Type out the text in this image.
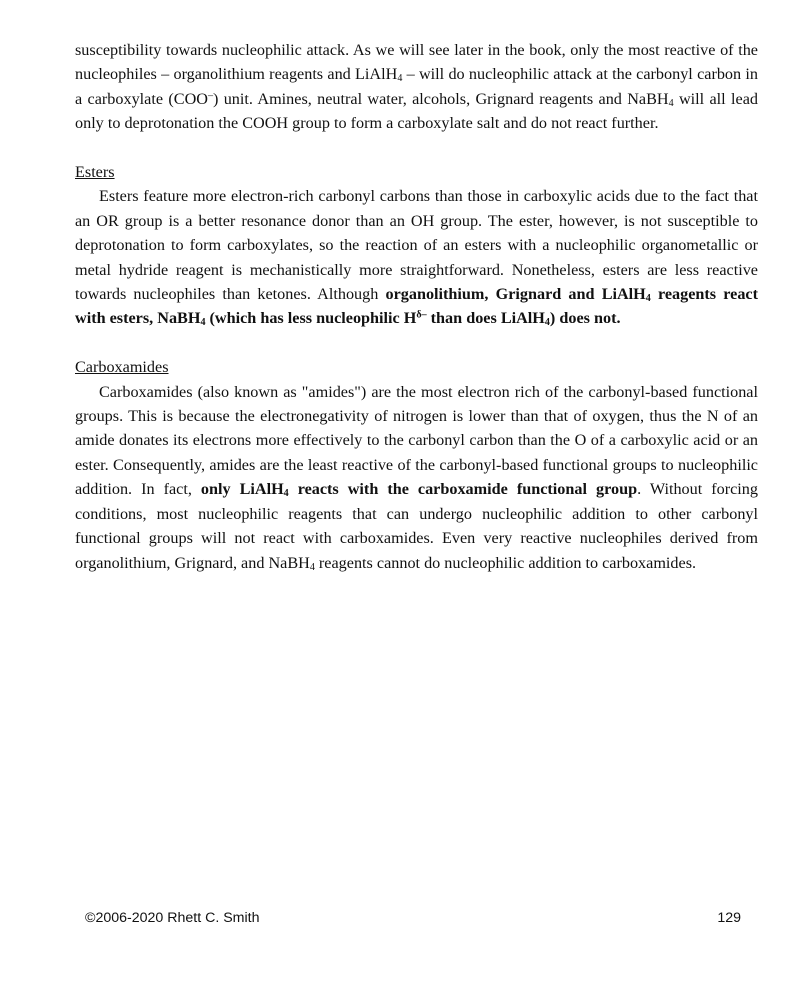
susceptibility towards nucleophilic attack. As we will see later in the book, only the most reactive of the nucleophiles – organolithium reagents and LiAlH$_4$ – will do nucleophilic attack at the carbonyl carbon in a carboxylate (COO–) unit. Amines, neutral water, alcohols, Grignard reagents and NaBH$_4$ will all lead only to deprotonation the COOH group to form a carboxylate salt and do not react further.

Esters

Esters feature more electron-rich carbonyl carbons than those in carboxylic acids due to the fact that an OR group is a better resonance donor than an OH group. The ester, however, is not susceptible to deprotonation to form carboxylates, so the reaction of an esters with a nucleophilic organometallic or metal hydride reagent is mechanistically more straightforward. Nonetheless, esters are less reactive towards nucleophiles than ketones. Although organolithium, Grignard and LiAlH$_4$ reagents react with esters, NaBH$_4$ (which has less nucleophilic $H^{\delta-}$ than does LiAlH$_4$) does not.

Carboxamides

Carboxamides (also known as "amides") are the most electron rich of the carbonyl-based functional groups. This is because the electronegativity of nitrogen is lower than that of oxygen, thus the N of an amide donates its electrons more effectively to the carbonyl carbon than the O of a carboxylic acid or an ester. Consequently, amides are the least reactive of the carbonyl-based functional groups to nucleophilic addition. In fact, only LiAlH$_4$ reacts with the carboxamide functional group. Without forcing conditions, most nucleophilic reagents that can undergo nucleophilic addition to other carbonyl functional groups will not react with carboxamides. Even very reactive nucleophiles derived from organolithium, Grignard, and NaBH$_4$ reagents cannot do nucleophilic addition to carboxamides.

©2006-2020 Rhett C. Smith	129
